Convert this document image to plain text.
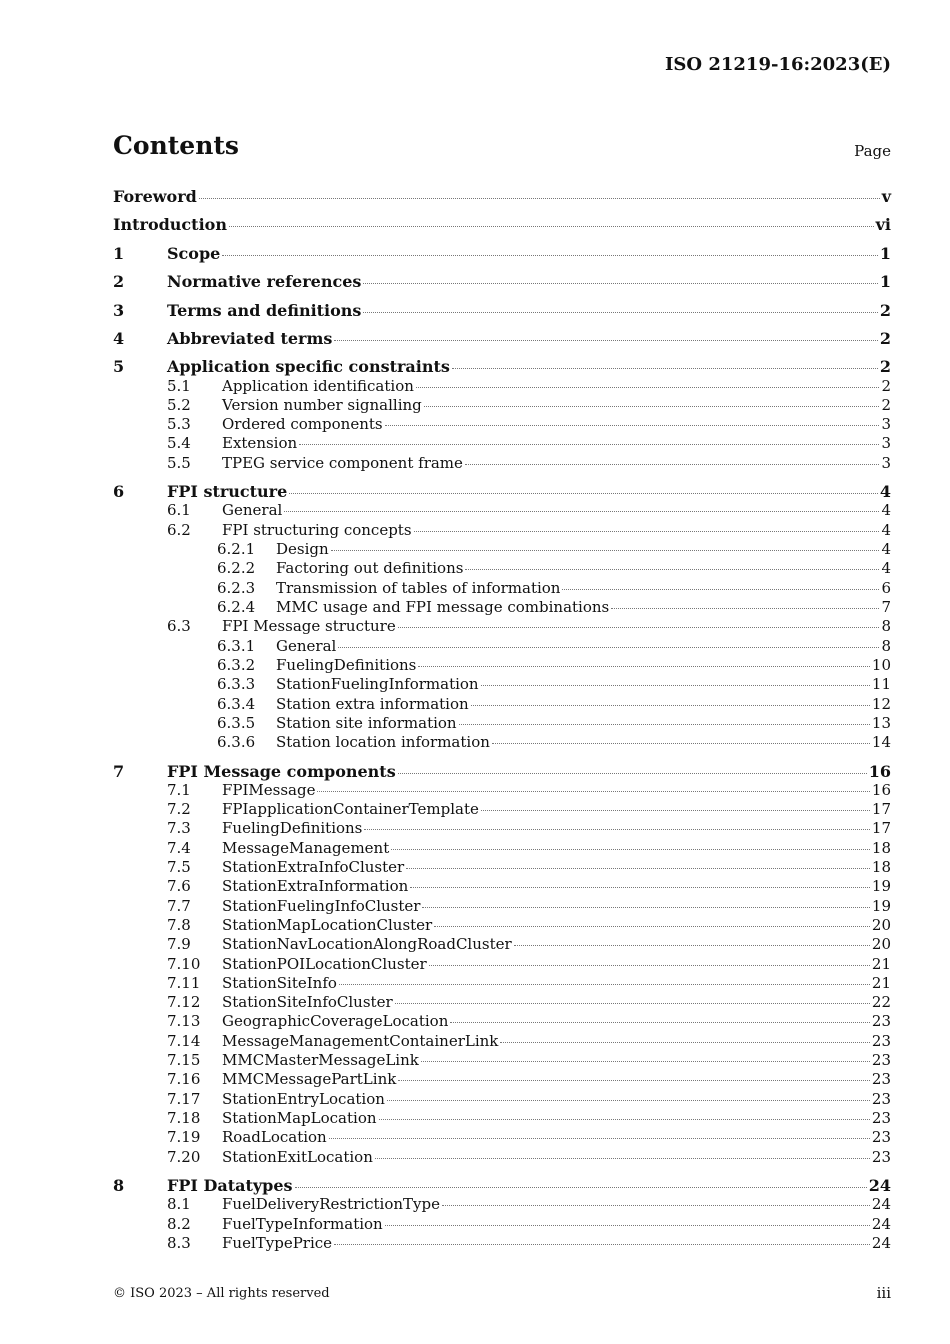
ISO 21219-16:2023(E)
Contents	Page
Foreword	v
Introduction	vi
1	Scope	1
2	Normative references	1
3	Terms and definitions	2
4	Abbreviated terms	2
5	Application specific constraints	2
5.1	Application identification	2
5.2	Version number signalling	2
5.3	Ordered components	3
5.4	Extension	3
5.5	TPEG service component frame	3
6	FPI structure	4
6.1	General	4
6.2	FPI structuring concepts	4
6.2.1	Design	4
6.2.2	Factoring out definitions	4
6.2.3	Transmission of tables of information	6
6.2.4	MMC usage and FPI message combinations	7
6.3	FPI Message structure	8
6.3.1	General	8
6.3.2	FuelingDefinitions	10
6.3.3	StationFuelingInformation	11
6.3.4	Station extra information	12
6.3.5	Station site information	13
6.3.6	Station location information	14
7	FPI Message components	16
7.1	FPIMessage	16
7.2	FPIapplicationContainerTemplate	17
7.3	FuelingDefinitions	17
7.4	MessageManagement	18
7.5	StationExtraInfoCluster	18
7.6	StationExtraInformation	19
7.7	StationFuelingInfoCluster	19
7.8	StationMapLocationCluster	20
7.9	StationNavLocationAlongRoadCluster	20
7.10	StationPOILocationCluster	21
7.11	StationSiteInfo	21
7.12	StationSiteInfoCluster	22
7.13	GeographicCoverageLocation	23
7.14	MessageManagementContainerLink	23
7.15	MMCMasterMessageLink	23
7.16	MMCMessagePartLink	23
7.17	StationEntryLocation	23
7.18	StationMapLocation	23
7.19	RoadLocation	23
7.20	StationExitLocation	23
8	FPI Datatypes	24
8.1	FuelDeliveryRestrictionType	24
8.2	FuelTypeInformation	24
8.3	FuelTypePrice	24
© ISO 2023 – All rights reserved	iii
